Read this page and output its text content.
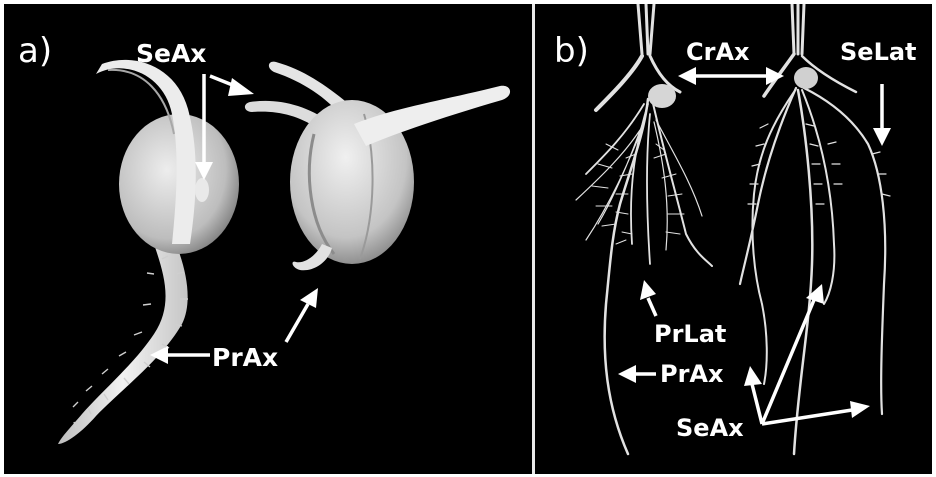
a)	SeAx
PrAx
b)	CrAx	SeLat
PrLat
PrAx
SeAx
